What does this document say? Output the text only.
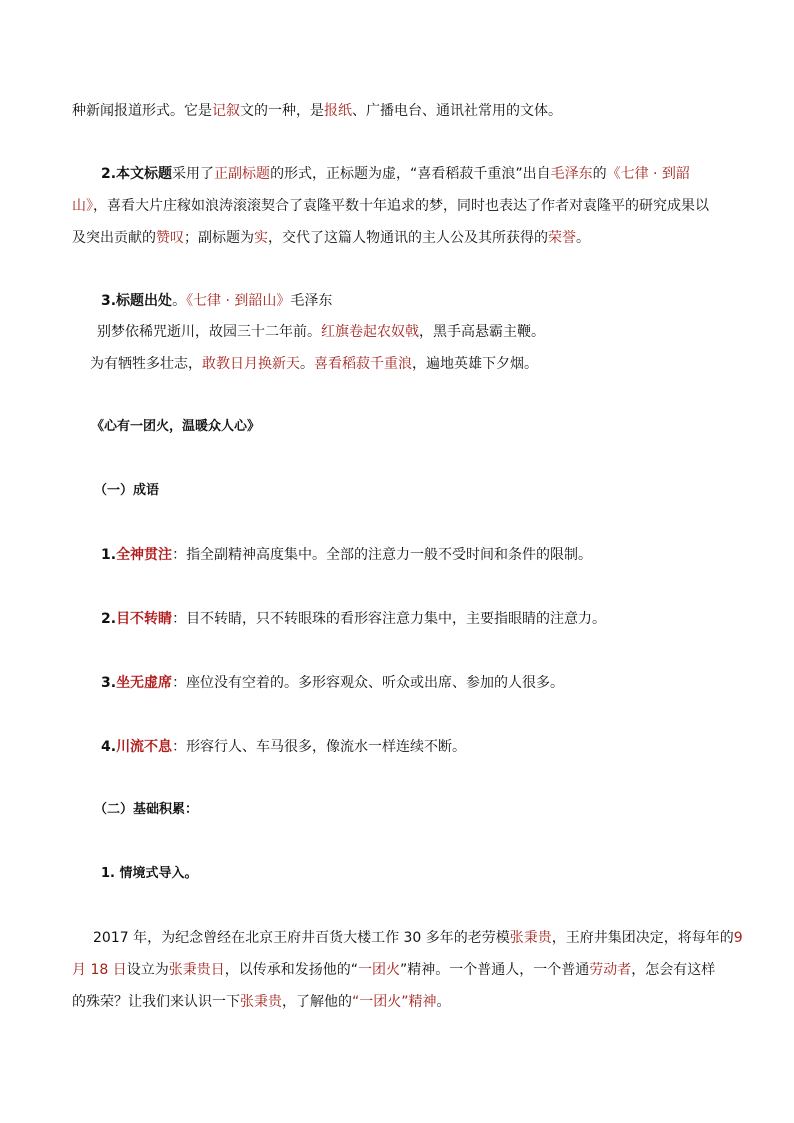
种新闻报道形式。它是记叙文的一种，是报纸、广播电台、通讯社常用的文体。
2.本文标题采用了正副标题的形式，正标题为虚，“喜看稻菽千重浪”出自毛泽东的《七律 · 到韶
山》，喜看大片庄稼如浪涛滚滚契合了袁隆平数十年追求的梦，同时也表达了作者对袁隆平的研究成果以
及突出贡献的赞叹；副标题为实，交代了这篇人物通讯的主人公及其所获得的荣誉。
3.标题出处。《七律 · 到韶山》毛泽东
别梦依稀咒逝川，故园三十二年前。红旗卷起农奴戟，黑手高悬霸主鞭。
为有牺牲多壮志，敢教日月换新天。喜看稻菽千重浪，遍地英雄下夕烟。
《心有一团火，温暖众人心》
（一）成语
1.全神贯注：指全副精神高度集中。全部的注意力一般不受时间和条件的限制。
2.目不转睛：目不转睛，只不转眼珠的看形容注意力集中，主要指眼睛的注意力。
3.坐无虚席：座位没有空着的。多形容观众、听众或出席、参加的人很多。
4.川流不息：形容行人、车马很多，像流水一样连续不断。
（二）基础积累：
1. 情境式导入。
2017 年，为纪念曾经在北京王府井百货大楼工作 30 多年的老劳模张秉贵，王府井集团决定，将每年的9
月 18 日设立为张秉贵日，以传承和发扬他的“一团火”精神。一个普通人，一个普通劳动者，怎会有这样
的殊荣？让我们来认识一下张秉贵，了解他的“一团火”精神。
